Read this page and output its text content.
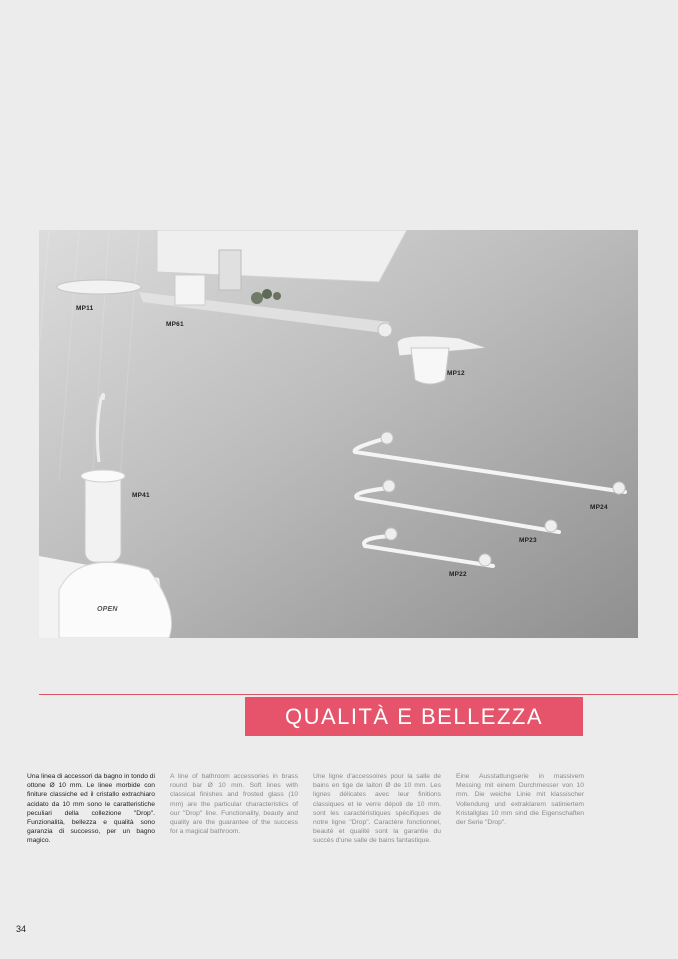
MP11
MP61
MP12
MP41
MP24
MP23
MP22
OPEN
QUALITÀ E BELLEZZA
Una linea di accessori da bagno in tondo di ottone Ø 10 mm. Le linee morbide con finiture classiche ed il cristallo extrachiaro acidato da 10 mm sono le caratteristiche peculiari della collezione "Drop". Funzionalità, bellezza e qualità sono garanzia di successo, per un bagno magico.
A line of bathroom accessories in brass round bar Ø 10 mm. Soft lines with classical finishes and frosted glass (10 mm) are the particular characteristics of our "Drop" line. Functionality, beauty and quality are the guarantee of the success for a magical bathroom.
Une ligne d'accessoires pour la salle de bains en tige de laiton Ø de 10 mm. Les lignes délicates avec leur finitions classiques et le verre dépoli de 10 mm. sont les caractéristiques spécifiques de notre ligne "Drop". Caractère fonctionnel, beauté et qualité sont la garantie du succès d'une salle de bains fantastique.
Eine Ausstattungserie in massivem Messing mit einem Durchmesser von 10 mm. Die weiche Linie mit klassischer Vollendung und extraklarem satiniertem Kristallglas 10 mm sind die Eigenschaften der Serie "Drop".
34
